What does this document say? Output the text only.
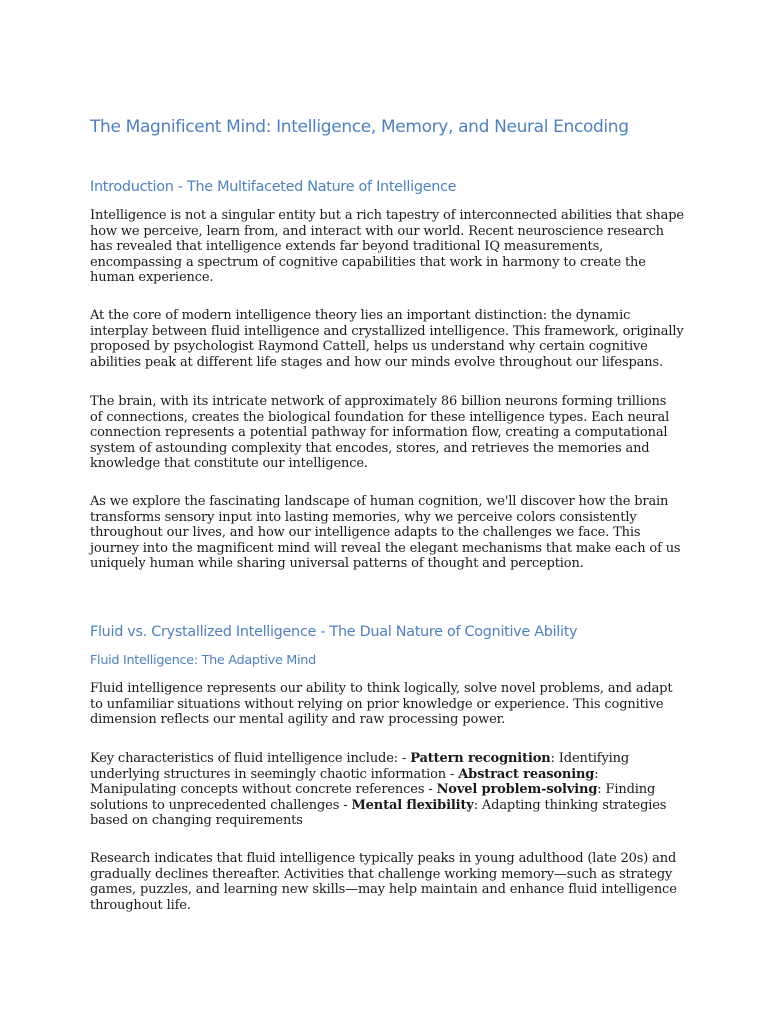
The Magnificent Mind: Intelligence, Memory, and Neural Encoding
Introduction - The Multifaceted Nature of Intelligence

Intelligence is not a singular entity but a rich tapestry of interconnected abilities that shape
how we perceive, learn from, and interact with our world. Recent neuroscience research
has revealed that intelligence extends far beyond traditional IQ measurements,
encompassing a spectrum of cognitive capabilities that work in harmony to create the
human experience.

At the core of modern intelligence theory lies an important distinction: the dynamic
interplay between fluid intelligence and crystallized intelligence. This framework, originally
proposed by psychologist Raymond Cattell, helps us understand why certain cognitive
abilities peak at different life stages and how our minds evolve throughout our lifespans.

The brain, with its intricate network of approximately 86 billion neurons forming trillions
of connections, creates the biological foundation for these intelligence types. Each neural
connection represents a potential pathway for information flow, creating a computational
system of astounding complexity that encodes, stores, and retrieves the memories and
knowledge that constitute our intelligence.

As we explore the fascinating landscape of human cognition, we'll discover how the brain
transforms sensory input into lasting memories, why we perceive colors consistently
throughout our lives, and how our intelligence adapts to the challenges we face. This
journey into the magnificent mind will reveal the elegant mechanisms that make each of us
uniquely human while sharing universal patterns of thought and perception.

Fluid vs. Crystallized Intelligence - The Dual Nature of Cognitive Ability
Fluid Intelligence: The Adaptive Mind

Fluid intelligence represents our ability to think logically, solve novel problems, and adapt
to unfamiliar situations without relying on prior knowledge or experience. This cognitive
dimension reflects our mental agility and raw processing power.

Key characteristics of fluid intelligence include: - Pattern recognition: Identifying
underlying structures in seemingly chaotic information - Abstract reasoning:
Manipulating concepts without concrete references - Novel problem-solving: Finding
solutions to unprecedented challenges - Mental flexibility: Adapting thinking strategies
based on changing requirements

Research indicates that fluid intelligence typically peaks in young adulthood (late 20s) and
gradually declines thereafter. Activities that challenge working memory—such as strategy
games, puzzles, and learning new skills—may help maintain and enhance fluid intelligence
throughout life.
